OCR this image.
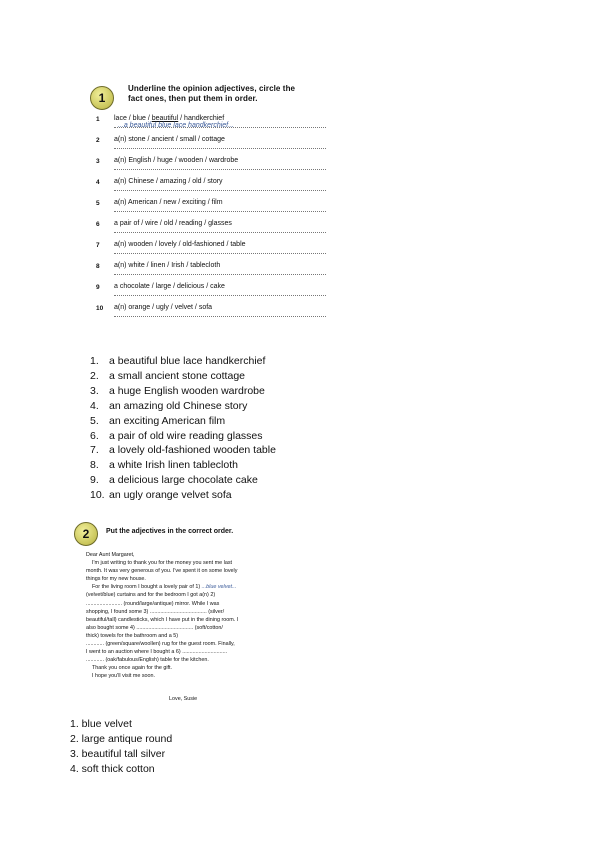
1
Underline the opinion adjectives, circle the
fact ones, then put them in order.
1 lace / blue / beautiful / handkerchief
...a beautiful blue lace handkerchief...
2 a(n) stone / ancient / small / cottage
3 a(n) English / huge / wooden / wardrobe
4 a(n) Chinese / amazing / old / story
5 a(n) American / new / exciting / film
6 a pair of / wire / old / reading / glasses
7 a(n) wooden / lovely / old-fashioned / table
8 a(n) white / linen / Irish / tablecloth
9 a chocolate / large / delicious / cake
10 a(n) orange / ugly / velvet / sofa
1. a beautiful blue lace handkerchief
2. a small ancient stone cottage
3. a huge English wooden wardrobe
4. an amazing old Chinese story
5. an exciting American film
6. a pair of old wire reading glasses
7. a lovely old-fashioned wooden table
8. a white Irish linen tablecloth
9. a delicious large chocolate cake
10. an ugly orange velvet sofa
2 Put the adjectives in the correct order.
Dear Aunt Margaret,
I'm just writing to thank you for the money you sent me last
month. It was very generous of you. I've spent it on some lovely
things for my new house.
For the living room I bought a lovely pair of 1) ...blue velvet...
(velvet/blue) curtains and for the bedroom I got a(n) 2)
........................ (round/large/antique) mirror. While I was
shopping, I found some 3) ...................................... (silver/
beautiful/tall) candlesticks, which I have put in the dining room. I
also bought some 4) ...................................... (soft/cotton/
thick) towels for the bathroom and a 5)
............ (green/square/woollen) rug for the guest room. Finally,
I went to an auction where I bought a 6) ..............................
............ (oak/fabulous/English) table for the kitchen.
Thank you once again for the gift.
I hope you'll visit me soon.
Love, Susie
1. blue velvet
2. large antique round
3. beautiful tall silver
4. soft thick cotton
